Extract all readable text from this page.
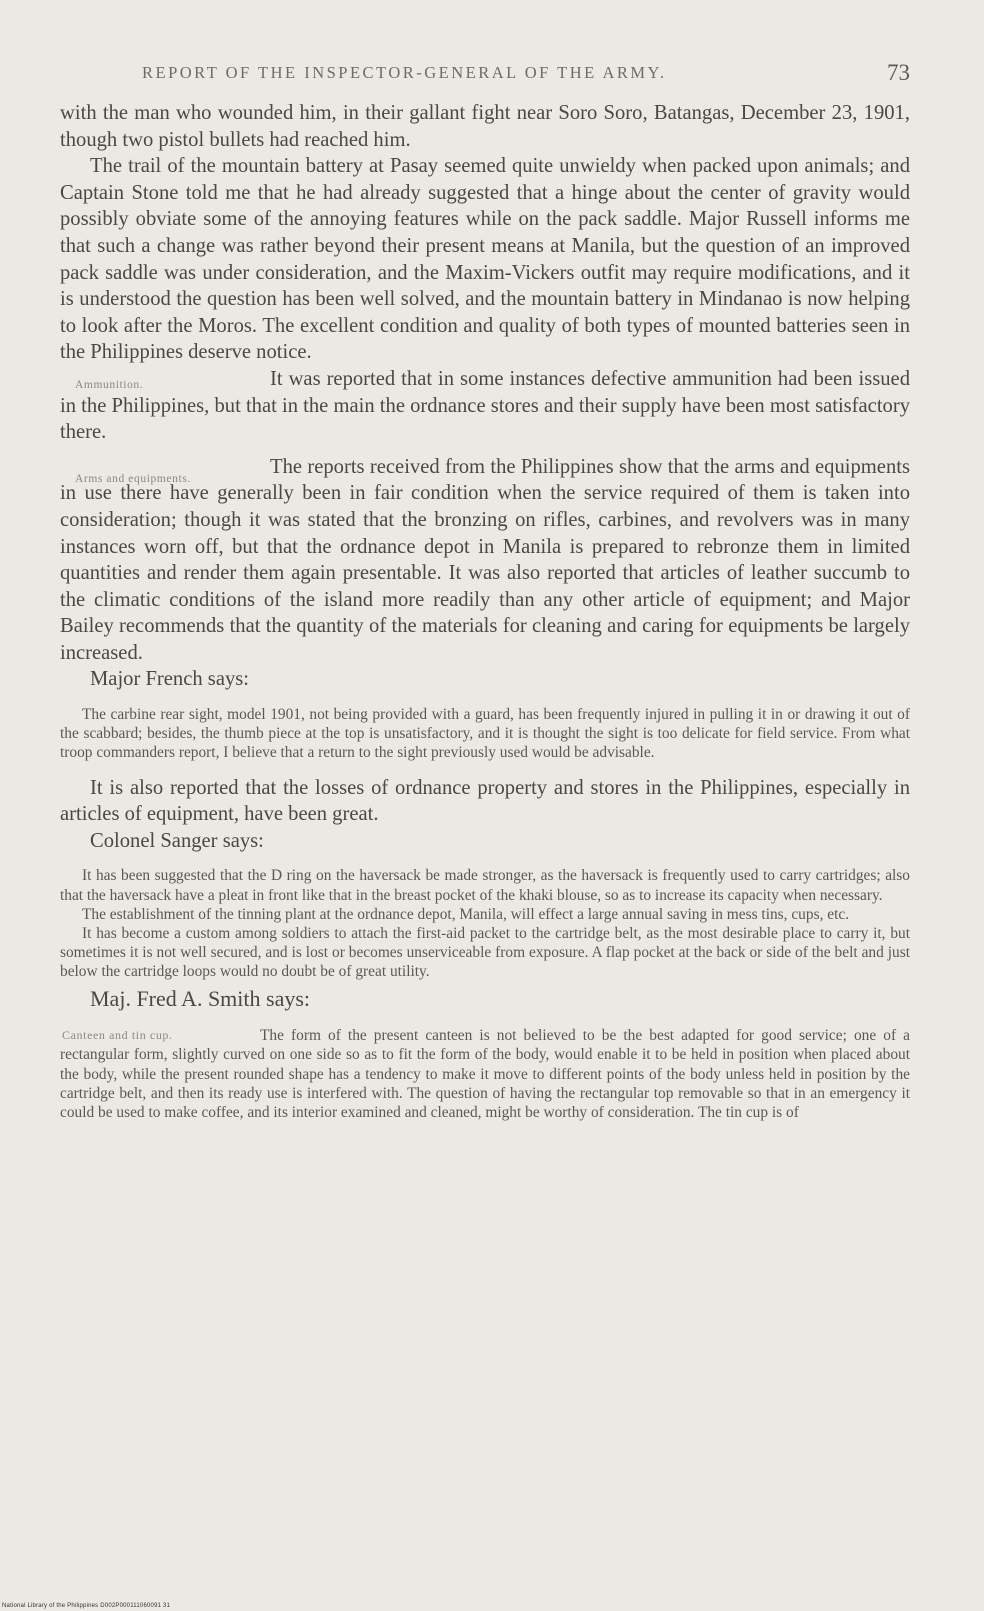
REPORT OF THE INSPECTOR-GENERAL OF THE ARMY.	73

with the man who wounded him, in their gallant fight near Soro Soro, Batangas, December 23, 1901, though two pistol bullets had reached him.

The trail of the mountain battery at Pasay seemed quite unwieldy when packed upon animals; and Captain Stone told me that he had already suggested that a hinge about the center of gravity would possibly obviate some of the annoying features while on the pack saddle. Major Russell informs me that such a change was rather beyond their present means at Manila, but the question of an improved pack saddle was under consideration, and the Maxim-Vickers outfit may require modifications, and it is understood the question has been well solved, and the mountain battery in Mindanao is now helping to look after the Moros. The excellent condition and quality of both types of mounted batteries seen in the Philippines deserve notice.

Ammunition.	It was reported that in some instances defective ammunition had been issued in the Philippines, but that in the main the ordnance stores and their supply have been most satisfactory there.

Arms and equipments.

The reports received from the Philippines show that the arms and equipments in use there have generally been in fair condition when the service required of them is taken into consideration; though it was stated that the bronzing on rifles, carbines, and revolvers was in many instances worn off, but that the ordnance depot in Manila is prepared to rebronze them in limited quantities and render them again presentable. It was also reported that articles of leather succumb to the climatic conditions of the island more readily than any other article of equipment; and Major Bailey recommends that the quantity of the materials for cleaning and caring for equipments be largely increased.

Major French says:

The carbine rear sight, model 1901, not being provided with a guard, has been frequently injured in pulling it in or drawing it out of the scabbard; besides, the thumb piece at the top is unsatisfactory, and it is thought the sight is too delicate for field service. From what troop commanders report, I believe that a return to the sight previously used would be advisable.

It is also reported that the losses of ordnance property and stores in the Philippines, especially in articles of equipment, have been great.

Colonel Sanger says:

It has been suggested that the D ring on the haversack be made stronger, as the haversack is frequently used to carry cartridges; also that the haversack have a pleat in front like that in the breast pocket of the khaki blouse, so as to increase its capacity when necessary.

The establishment of the tinning plant at the ordnance depot, Manila, will effect a large annual saving in mess tins, cups, etc.

It has become a custom among soldiers to attach the first-aid packet to the cartridge belt, as the most desirable place to carry it, but sometimes it is not well secured, and is lost or becomes unserviceable from exposure. A flap pocket at the back or side of the belt and just below the cartridge loops would no doubt be of great utility.

Maj. Fred A. Smith says:

Canteen and tin cup.	The form of the present canteen is not believed to be the best adapted for good service; one of a rectangular form, slightly curved on one side so as to fit the form of the body, would enable it to be held in position when placed about the body, while the present rounded shape has a tendency to make it move to different points of the body unless held in position by the cartridge belt, and then its ready use is interfered with. The question of having the rectangular top removable so that in an emergency it could be used to make coffee, and its interior examined and cleaned, might be worthy of consideration. The tin cup is of

National Library of the Philippines D002P000111060091 31
